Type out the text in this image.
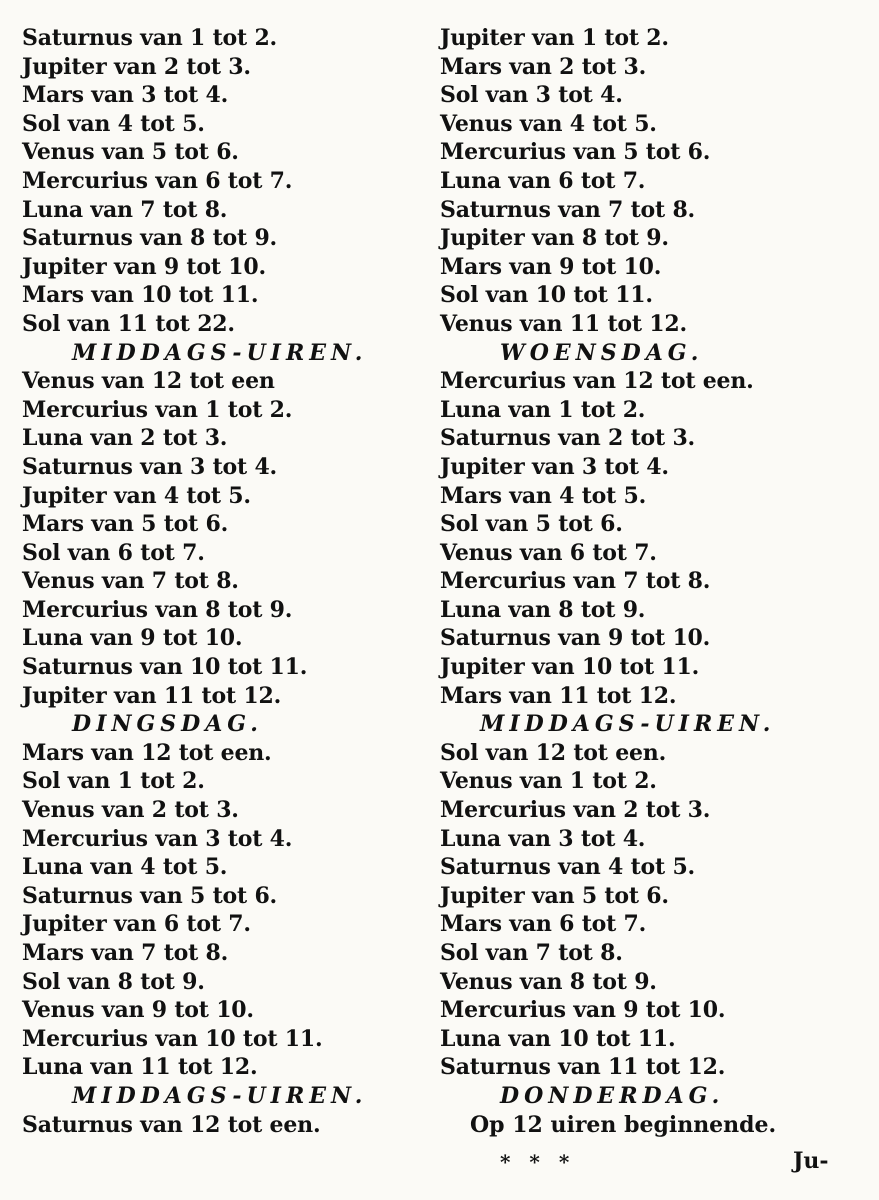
Saturnus van 1 tot 2.
Jupiter van 2 tot 3.
Mars van 3 tot 4.
Sol van 4 tot 5.
Venus van 5 tot 6.
Mercurius van 6 tot 7.
Luna van 7 tot 8.
Saturnus van 8 tot 9.
Jupiter van 9 tot 10.
Mars van 10 tot 11.
Sol van 11 tot 22.
MIDDAGS-UIREN.
Venus van 12 tot een
Mercurius van 1 tot 2.
Luna van 2 tot 3.
Saturnus van 3 tot 4.
Jupiter van 4 tot 5.
Mars van 5 tot 6.
Sol van 6 tot 7.
Venus van 7 tot 8.
Mercurius van 8 tot 9.
Luna van 9 tot 10.
Saturnus van 10 tot 11.
Jupiter van 11 tot 12.
DINGSDAG.
Mars van 12 tot een.
Sol van 1 tot 2.
Venus van 2 tot 3.
Mercurius van 3 tot 4.
Luna van 4 tot 5.
Saturnus van 5 tot 6.
Jupiter van 6 tot 7.
Mars van 7 tot 8.
Sol van 8 tot 9.
Venus van 9 tot 10.
Mercurius van 10 tot 11.
Luna van 11 tot 12.
MIDDAGS-UIREN.
Saturnus van 12 tot een.
Jupiter van 1 tot 2.
Mars van 2 tot 3.
Sol van 3 tot 4.
Venus van 4 tot 5.
Mercurius van 5 tot 6.
Luna van 6 tot 7.
Saturnus van 7 tot 8.
Jupiter van 8 tot 9.
Mars van 9 tot 10.
Sol van 10 tot 11.
Venus van 11 tot 12.
WOENSDAG.
Mercurius van 12 tot een.
Luna van 1 tot 2.
Saturnus van 2 tot 3.
Jupiter van 3 tot 4.
Mars van 4 tot 5.
Sol van 5 tot 6.
Venus van 6 tot 7.
Mercurius van 7 tot 8.
Luna van 8 tot 9.
Saturnus van 9 tot 10.
Jupiter van 10 tot 11.
Mars van 11 tot 12.
MIDDAGS-UIREN.
Sol van 12 tot een.
Venus van 1 tot 2.
Mercurius van 2 tot 3.
Luna van 3 tot 4.
Saturnus van 4 tot 5.
Jupiter van 5 tot 6.
Mars van 6 tot 7.
Sol van 7 tot 8.
Venus van 8 tot 9.
Mercurius van 9 tot 10.
Luna van 10 tot 11.
Saturnus van 11 tot 12.
DONDERDAG.
Op 12 uiren beginnende.
* * *	Ju-
